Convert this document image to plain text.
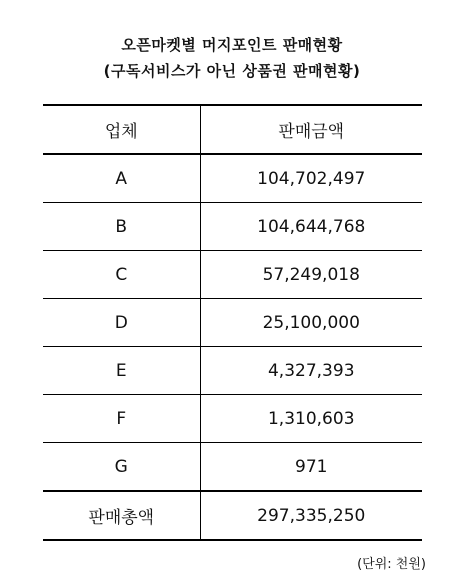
오픈마켓별 머지포인트 판매현황
(구독서비스가 아닌 상품권 판매현황)
업체	판매금액
A	104,702,497
B	104,644,768
C	57,249,018
D	25,100,000
E	4,327,393
F	1,310,603
G	971
판매총액	297,335,250
(단위: 천원)
